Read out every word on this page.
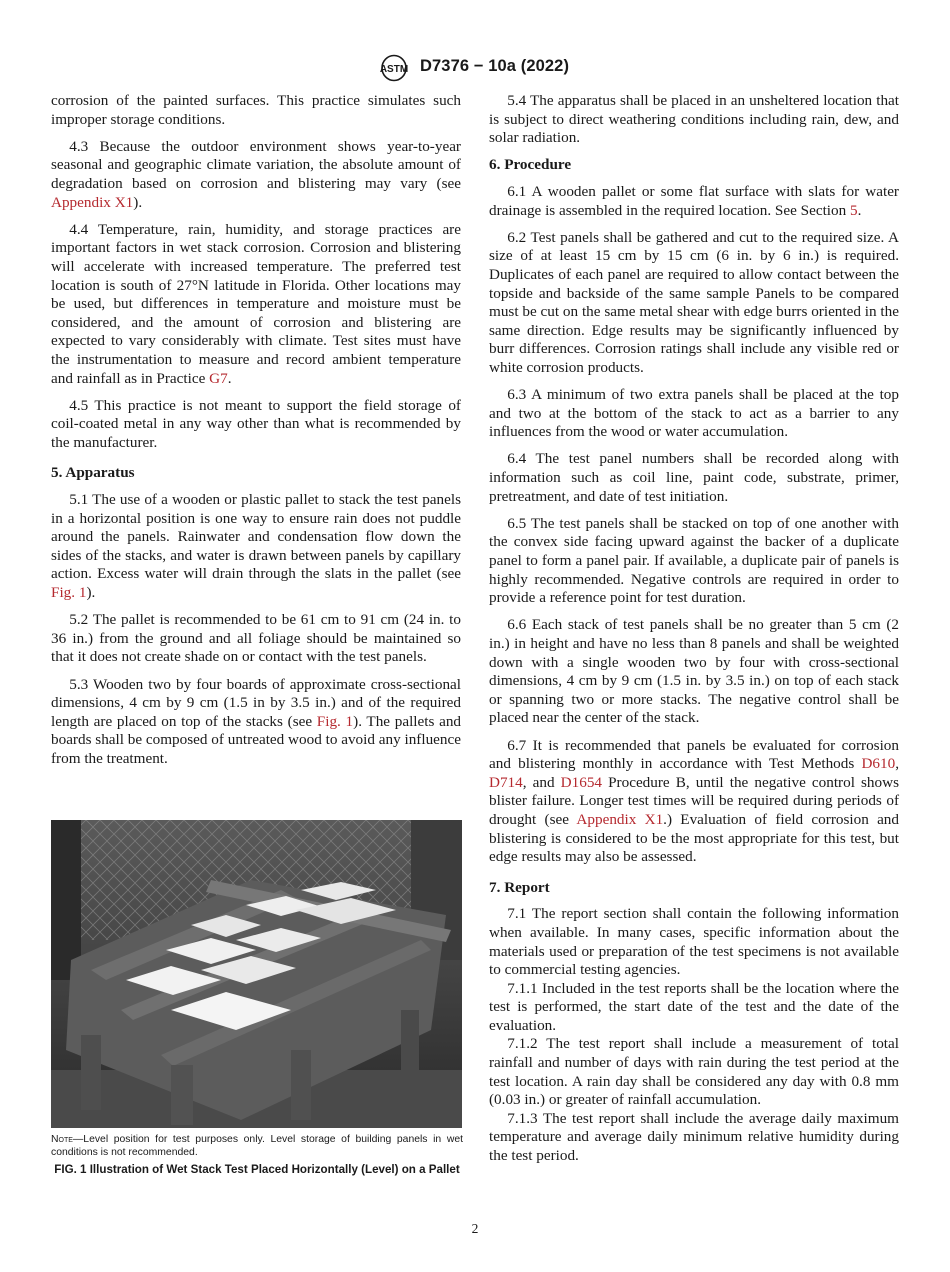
ASTM D7376 − 10a (2022)

corrosion of the painted surfaces. This practice simulates such improper storage conditions.

4.3 Because the outdoor environment shows year-to-year seasonal and geographic climate variation, the absolute amount of degradation based on corrosion and blistering may vary (see Appendix X1).

4.4 Temperature, rain, humidity, and storage practices are important factors in wet stack corrosion. Corrosion and blistering will accelerate with increased temperature. The preferred test location is south of 27°N latitude in Florida. Other locations may be used, but differences in temperature and moisture must be considered, and the amount of corrosion and blistering are expected to vary considerably with climate. Test sites must have the instrumentation to measure and record ambient temperature and rainfall as in Practice G7.

4.5 This practice is not meant to support the field storage of coil-coated metal in any way other than what is recommended by the manufacturer.

5. Apparatus

5.1 The use of a wooden or plastic pallet to stack the test panels in a horizontal position is one way to ensure rain does not puddle around the panels. Rainwater and condensation flow down the sides of the stacks, and water is drawn between panels by capillary action. Excess water will drain through the slats in the pallet (see Fig. 1).

5.2 The pallet is recommended to be 61 cm to 91 cm (24 in. to 36 in.) from the ground and all foliage should be maintained so that it does not create shade on or contact with the test panels.

5.3 Wooden two by four boards of approximate cross-sectional dimensions, 4 cm by 9 cm (1.5 in by 3.5 in.) and of the required length are placed on top of the stacks (see Fig. 1). The pallets and boards shall be composed of untreated wood to avoid any influence from the treatment.

Note—Level position for test purposes only. Level storage of building panels in wet conditions is not recommended.
FIG. 1 Illustration of Wet Stack Test Placed Horizontally (Level) on a Pallet

5.4 The apparatus shall be placed in an unsheltered location that is subject to direct weathering conditions including rain, dew, and solar radiation.

6. Procedure

6.1 A wooden pallet or some flat surface with slats for water drainage is assembled in the required location. See Section 5.

6.2 Test panels shall be gathered and cut to the required size. A size of at least 15 cm by 15 cm (6 in. by 6 in.) is required. Duplicates of each panel are required to allow contact between the topside and backside of the same sample Panels to be compared must be cut on the same metal shear with edge burrs oriented in the same direction. Edge results may be significantly influenced by burr differences. Corrosion ratings shall include any visible red or white corrosion products.

6.3 A minimum of two extra panels shall be placed at the top and two at the bottom of the stack to act as a barrier to any influences from the wood or water accumulation.

6.4 The test panel numbers shall be recorded along with information such as coil line, paint code, substrate, primer, pretreatment, and date of test initiation.

6.5 The test panels shall be stacked on top of one another with the convex side facing upward against the backer of a duplicate panel to form a panel pair. If available, a duplicate pair of panels is highly recommended. Negative controls are required in order to provide a reference point for test duration.

6.6 Each stack of test panels shall be no greater than 5 cm (2 in.) in height and have no less than 8 panels and shall be weighted down with a single wooden two by four with cross-sectional dimensions, 4 cm by 9 cm (1.5 in. by 3.5 in.) on top of each stack or spanning two or more stacks. The negative control shall be placed near the center of the stack.

6.7 It is recommended that panels be evaluated for corrosion and blistering monthly in accordance with Test Methods D610, D714, and D1654 Procedure B, until the negative control shows blister failure. Longer test times will be required during periods of drought (see Appendix X1.) Evaluation of field corrosion and blistering is considered to be the most appropriate for this test, but edge results may also be assessed.

7. Report

7.1 The report section shall contain the following information when available. In many cases, specific information about the materials used or preparation of the test specimens is not available to commercial testing agencies.

7.1.1 Included in the test reports shall be the location where the test is performed, the start date of the test and the date of the evaluation.

7.1.2 The test report shall include a measurement of total rainfall and number of days with rain during the test period at the test location. A rain day shall be considered any day with 0.8 mm (0.03 in.) or greater of rainfall accumulation.

7.1.3 The test report shall include the average daily maximum temperature and average daily minimum relative humidity during the test period.

2
